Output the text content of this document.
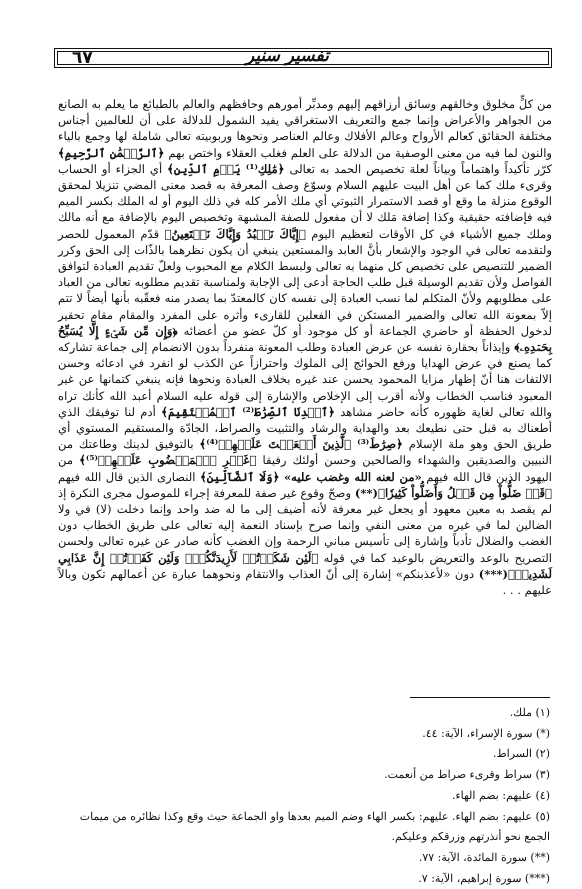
٦٧	تفسير سنير
من كلٍّ مخلوق وخالقهم وسائق أرزاقهم إليهم ومدبِّر أمورهم وحافظهم والعالم بالطبائع ما يعلم به الصانع من الجواهر والأعراض وإنما جمع والتعريف الاستغراقي يفيد الشمول للدلالة على أن للعالمين أجناس مختلفة الحقائق كعالم الأرواح وعالم الأفلاك وعالم العناصر ونحوها وربوبيته تعالى شاملة لها وجمع بالياء والنون لما فيه من معنى الوصفية من الدلالة على العلم فغلب العقلاء واختص بهم ﴿ٱلرَّحۡمَٰنِ ٱلرَّحِيمِ﴾ كرّر تأكيداً واهتماماً وبياناً لعلة تخصيص الحمد به تعالى ﴿مَٰلِكِ⁽¹⁾ يَوۡمِ ٱلدِّينِ﴾ أي الجزاء أو الحساب وقرىء ملك كما عن أهل البيت عليهم السلام وسوّغ وصف المعرفة به قصد معنى المضي تنزيلا لمحقق الوقوع منزلة ما وقع أو قصد الاستمرار الثبوتي أي ملك الأمر كله في ذلك اليوم أو له الملك بكسر الميم فيه فإضافته حقيقية وكذا إضافة مَلك لا أن مفعول للصفة المشبهة وتخصيص اليوم بالإضافة مع أنه مالك وملك جميع الأشياء في كل الأوقات لتعظيم اليوم ﴿إِيَّاكَ نَعۡبُدُ وَإِيَّاكَ نَسۡتَعِينُ﴾ قدّم المعمول للحصر ولتقدمه تعالى في الوجود والإشعار بأنَّ العابد والمستعين ينبغي أن يكون نظرهما بالذّات إلى الحق وكرر الضمير للتنصيص على تخصيص كل منهما به تعالى ولبسط الكلام مع المحبوب ولعلّ تقديم العبادة لتوافق الفواصل ولأن تقديم الوسيلة قبل طلب الحاجة أدعى إلى الإجابة ولمناسبة تقديم مطلوبه تعالى من العباد على مطلوبهم ولأنّ المتكلم لما نسب العبادة إلى نفسه كان كالمعتدّ بما يصدر منه فعقّبه بأنها أيضاً لا تتم إلاّ بمعونة الله تعالى والضمير المستكن في الفعلين للقارىء وأثره على المفرد والمقام مقام تحقير لدخول الحفظة أو حاضري الجماعة أو كل موجود أو كلّ عضو من أعضائه ﴿وَإِن مِّن شَيۡءٍ إِلَّا يُسَبِّحُ بِحَمۡدِهِۦ﴾ وإيذاناً بحقارة نفسه عن عرض العبادة وطلب المعونة منفرداً بدون الانضمام إلى جماعة تشاركه كما يصنع في عرض الهدايا ورفع الحوائج إلى الملوك واحترازاً عن الكذب لو انفرد في ادعائه وحسن الالتفات هنا أنّ إظهار مزايا المحمود يحسن عند غيره بخلاف العبادة ونحوها فإنه ينبغي كتمانها عن غير المعبود فناسب الخطاب ولأنه أقرب إلى الإخلاص والإشارة إلى قوله عليه السلام أعبد الله كأنك تراه والله تعالى لغاية ظهوره كأنه حاضر مشاهد ﴿ٱهۡدِنَا ٱلصِّرَٰطَ⁽²⁾ ٱلۡمُسۡتَقِيمَ﴾ أدم لنا توفيقك الذي أطعناك به قبل حتى نطيعك بعد والهداية والرشاد والتثبيت والصراط، الجادّة والمستقيم المستوي أي طريق الحق وهو ملة الإسلام ﴿صِرَٰطَ⁽³⁾ ٱلَّذِينَ أَنۡعَمۡتَ عَلَيۡهِمۡ⁽⁴⁾﴾ بالتوفيق لدينك وطاعتك من النبيين والصديقين والشهداء والصالحين وحسن أولئك رفيقا ﴿غَيۡرِ ٱلۡمَغۡضُوبِ عَلَيۡهِمۡ⁽⁵⁾﴾ من اليهود الذين قال الله فيهم «من لعنه الله وغضب عليه» ﴿وَلَا ٱلضَّآلِّينَ﴾ النصارى الذين قال الله فيهم ﴿قَدۡ ضَلُّواْ مِن قَبۡلُ وَأَضَلُّواْ كَثِيرٗا﴾(**) وصحّ وقوع غير صفة للمعرفة إجراء للموصول مجرى النكرة إذ لم يقصد به معين معهود أو يجعل غير معرفة لأنه أضيف إلى ما له ضد واحد وإنما دخلت (لا) في ولا الضالين لما في غيره من معنى النفي وإنما صرح بإسناد النعمة إليه تعالى على طريق الخطاب دون الغضب والضلال تأدباً وإشارة إلى تأسيس مباني الرحمة وإن الغضب كأنه صادر عن غيره تعالى ولحسن التصريح بالوعد والتعريض بالوعيد كما في قوله ﴿لَئِن شَكَرۡتُمۡ لَأَزِيدَنَّكُمۡۖ وَلَئِن كَفَرۡتُمۡ إِنَّ عَذَابِي لَشَدِيدٞ﴾(***) دون «لأعذبنكم» إشارة إلى أنّ العذاب والانتقام ونحوهما عبارة عن أعمالهم تكون وبالاً عليهم . . .
(١) ملك.
(*) سورة الإسراء، الآية: ٤٤.
(٢) السراط.
(٣) سراط وقرىء صراط من أنعمت.
(٤) عليهم: بضم الهاء.
(٥) عليهم: بضم الهاء. عليهم: بكسر الهاء وضم الميم بعدها واو الجماعة حيث وقع وكذا نظائره من ميمات الجمع نحو أنذرتهم وزرقكم وعليكم.
(**) سورة المائدة، الآية: ٧٧.
(***) سورة إبراهيم، الآية: ٧.
